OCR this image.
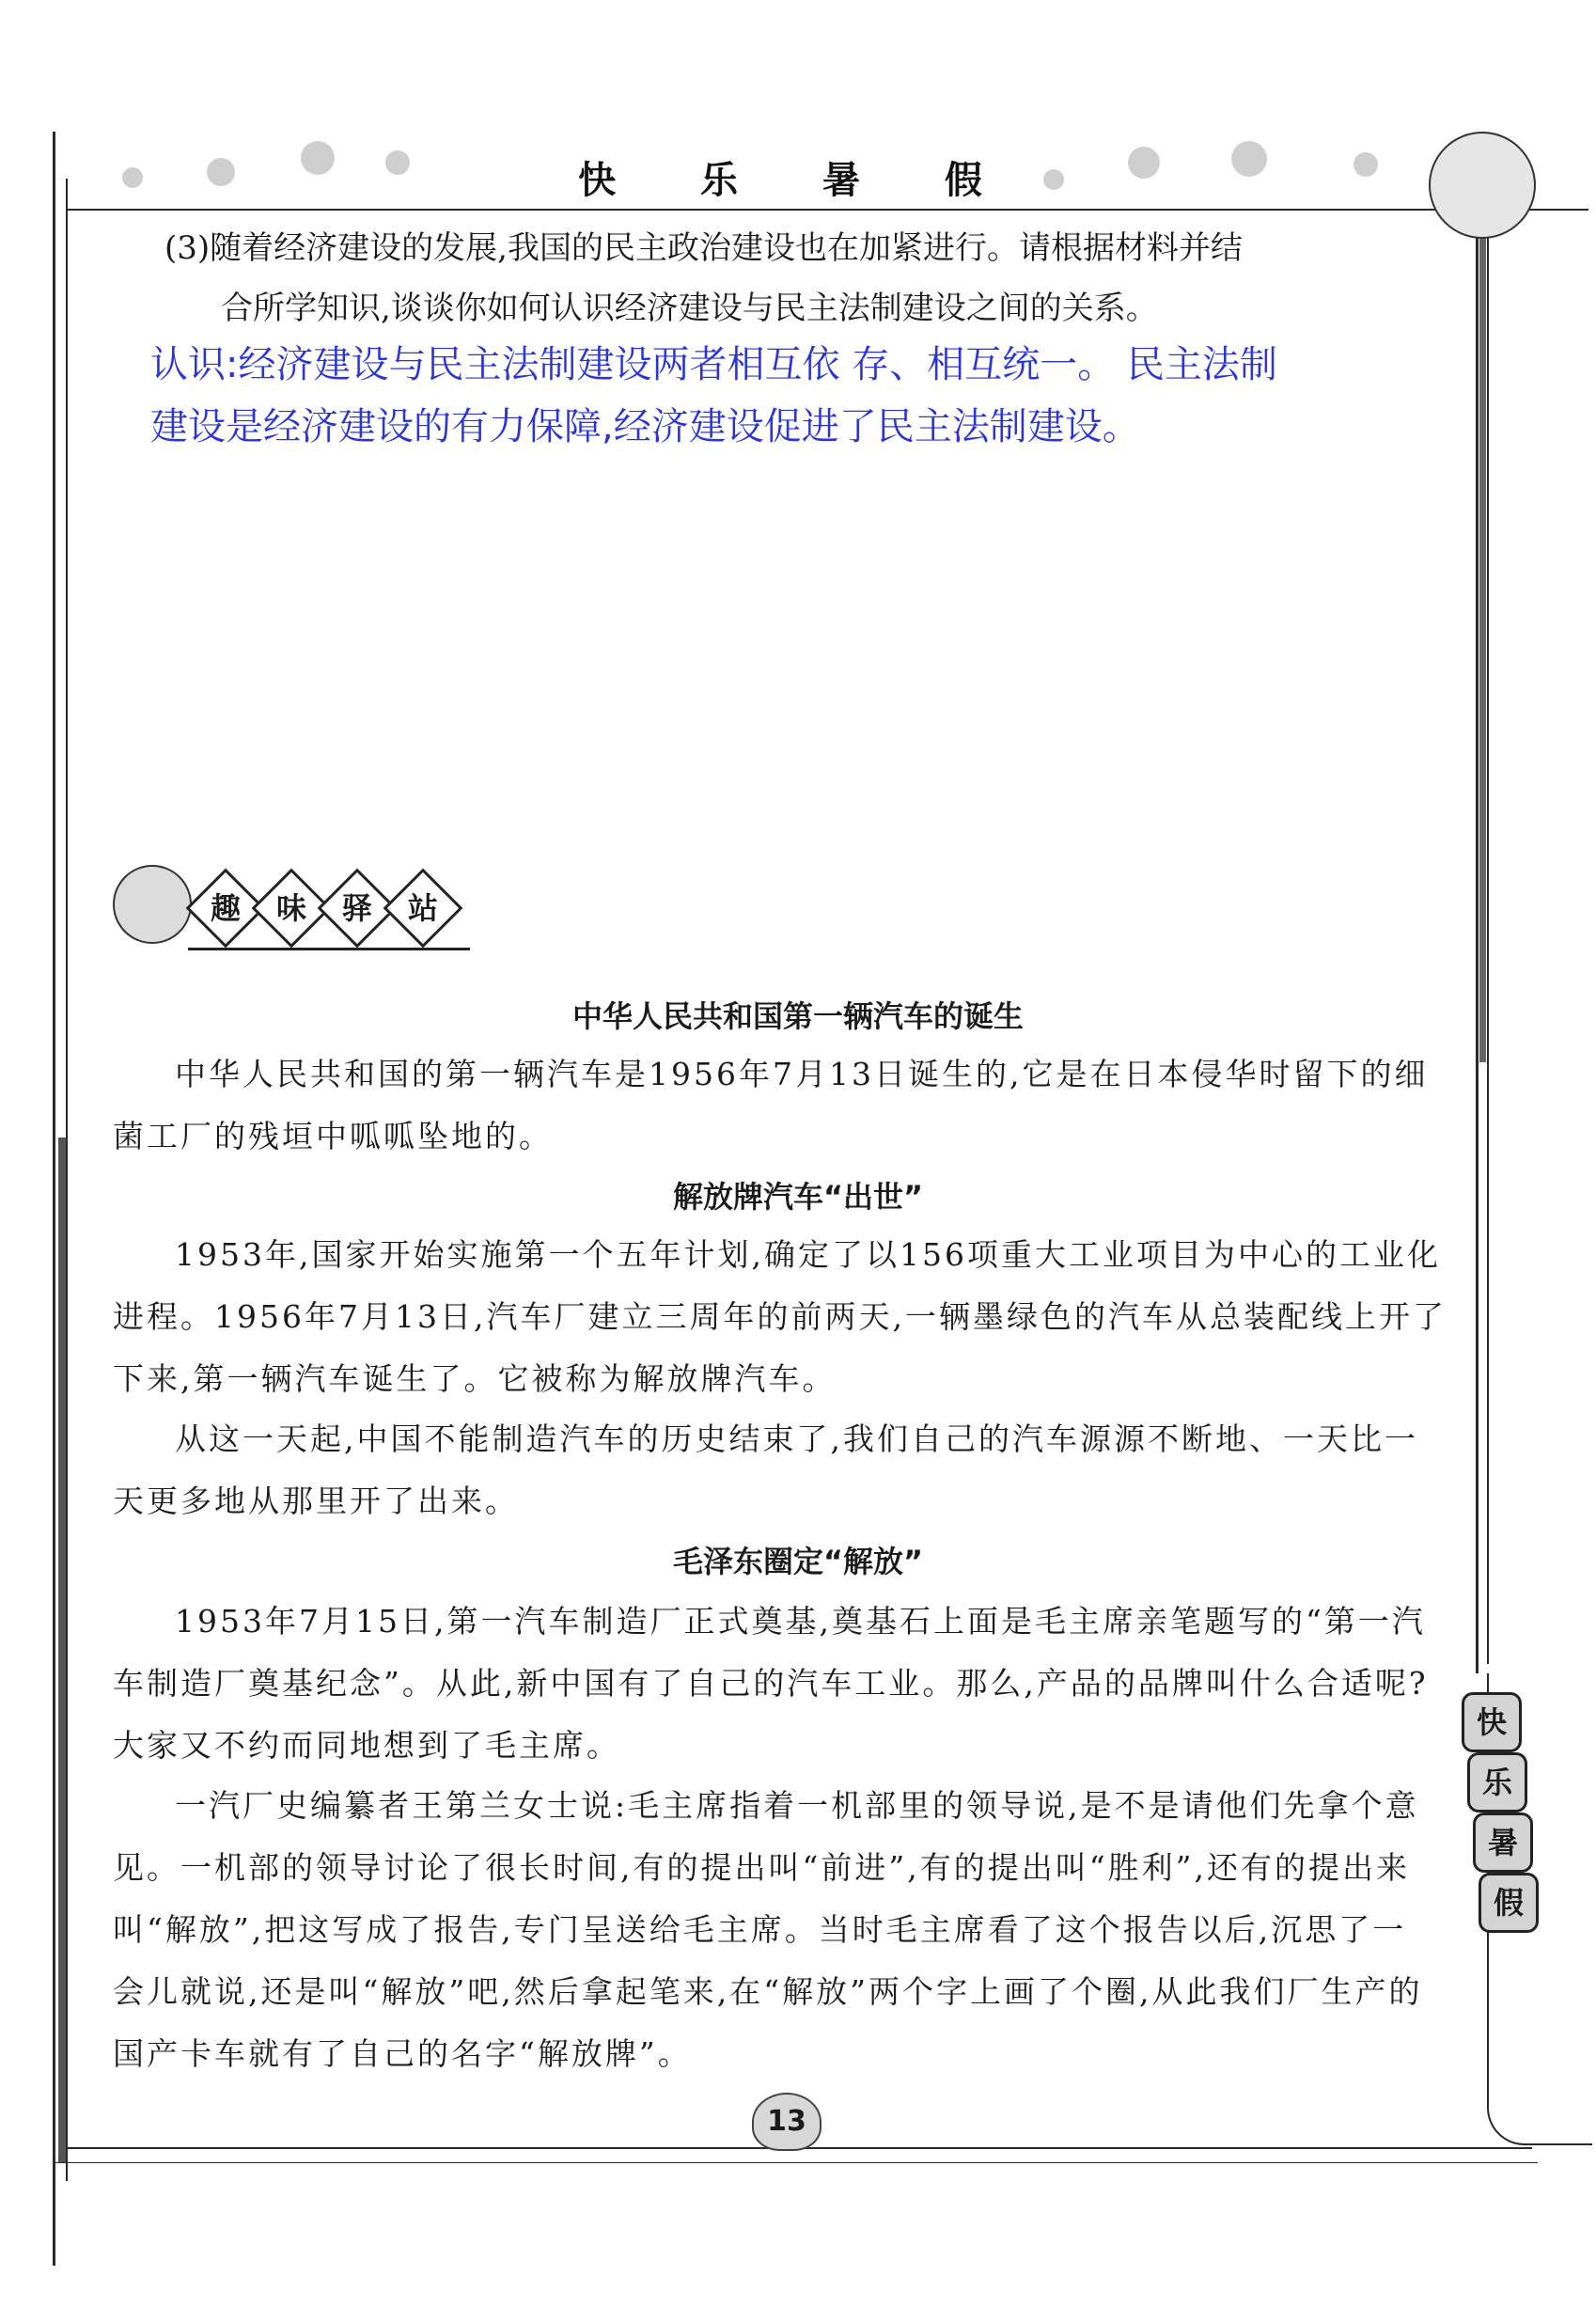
快 乐 暑 假
(3)随着经济建设的发展,我国的民主政治建设也在加紧进行。请根据材料并结
合所学知识,谈谈你如何认识经济建设与民主法制建设之间的关系。
认识:经济建设与民主法制建设两者相互依 存、相互统一。 民主法制
建设是经济建设的有力保障,经济建设促进了民主法制建设。
趣	味	驿	站
中华人民共和国第一辆汽车的诞生
中华人民共和国的第一辆汽车是1956年7月13日诞生的,它是在日本侵华时留下的细菌工厂的残垣中呱呱坠地的。
解放牌汽车“出世”
1953年,国家开始实施第一个五年计划,确定了以156项重大工业项目为中心的工业化进程。1956年7月13日,汽车厂建立三周年的前两天,一辆墨绿色的汽车从总装配线上开了下来,第一辆汽车诞生了。它被称为解放牌汽车。
从这一天起,中国不能制造汽车的历史结束了,我们自己的汽车源源不断地、一天比一天更多地从那里开了出来。
毛泽东圈定“解放”
1953年7月15日,第一汽车制造厂正式奠基,奠基石上面是毛主席亲笔题写的“第一汽车制造厂奠基纪念”。从此,新中国有了自己的汽车工业。那么,产品的品牌叫什么合适呢?大家又不约而同地想到了毛主席。
一汽厂史编纂者王第兰女士说:毛主席指着一机部里的领导说,是不是请他们先拿个意见。一机部的领导讨论了很长时间,有的提出叫“前进”,有的提出叫“胜利”,还有的提出来叫“解放”,把这写成了报告,专门呈送给毛主席。当时毛主席看了这个报告以后,沉思了一会儿就说,还是叫“解放”吧,然后拿起笔来,在“解放”两个字上画了个圈,从此我们厂生产的国产卡车就有了自己的名字“解放牌”。
快
乐
暑
假
13
